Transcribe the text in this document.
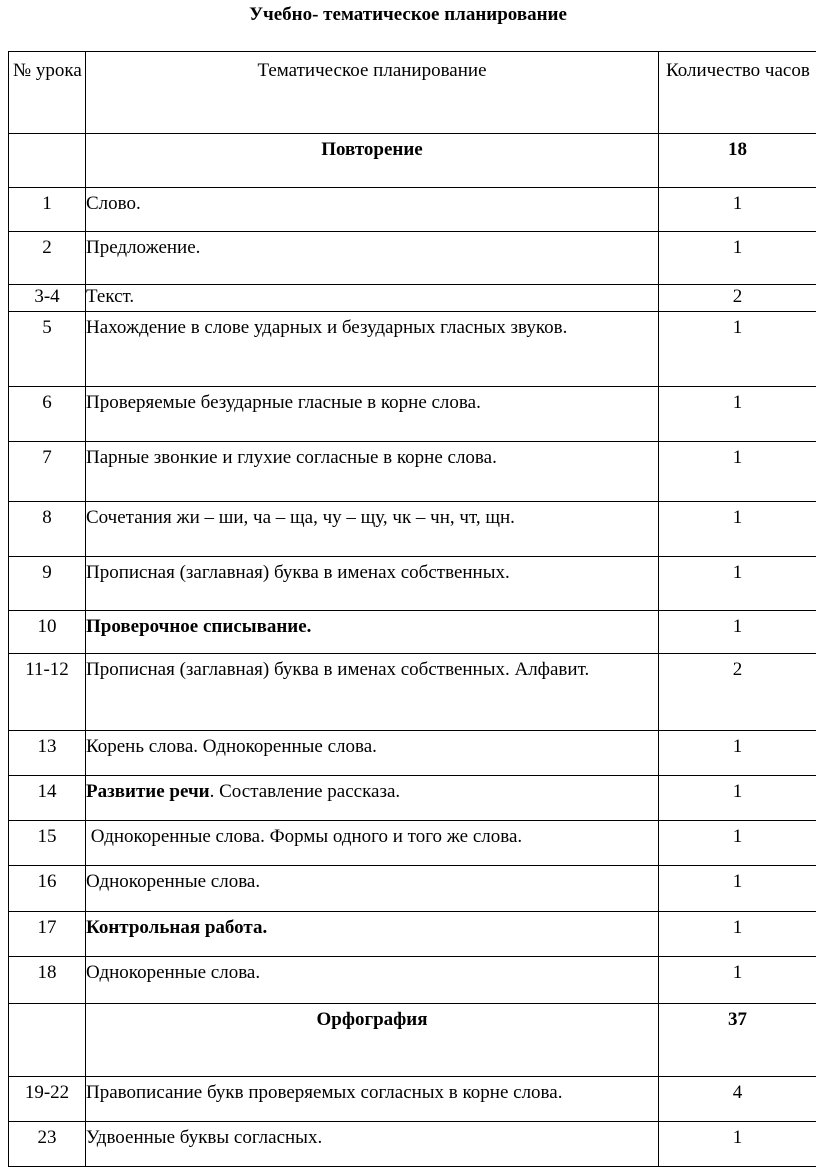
Учебно- тематическое планирование
№ урока	Тематическое планирование	Количество часов
	Повторение	18
1	Слово.	1
2	Предложение.	1
3-4	Текст.	2
5	Нахождение в слове ударных и безударных гласных звуков.	1
6	Проверяемые безударные гласные в корне слова.	1
7	Парные звонкие и глухие согласные в корне слова.	1
8	Сочетания жи – ши, ча – ща, чу – щу, чк – чн, чт, щн.	1
9	Прописная (заглавная) буква в именах собственных.	1
10	Проверочное списывание.	1
11-12	Прописная (заглавная) буква в именах собственных. Алфавит.	2
13	Корень слова. Однокоренные слова.	1
14	Развитие речи. Составление рассказа.	1
15	Однокоренные слова. Формы одного и того же слова.	1
16	Однокоренные слова.	1
17	Контрольная работа.	1
18	Однокоренные слова.	1
	Орфография	37
19-22	Правописание букв проверяемых согласных в корне слова.	4
23	Удвоенные буквы согласных.	1
